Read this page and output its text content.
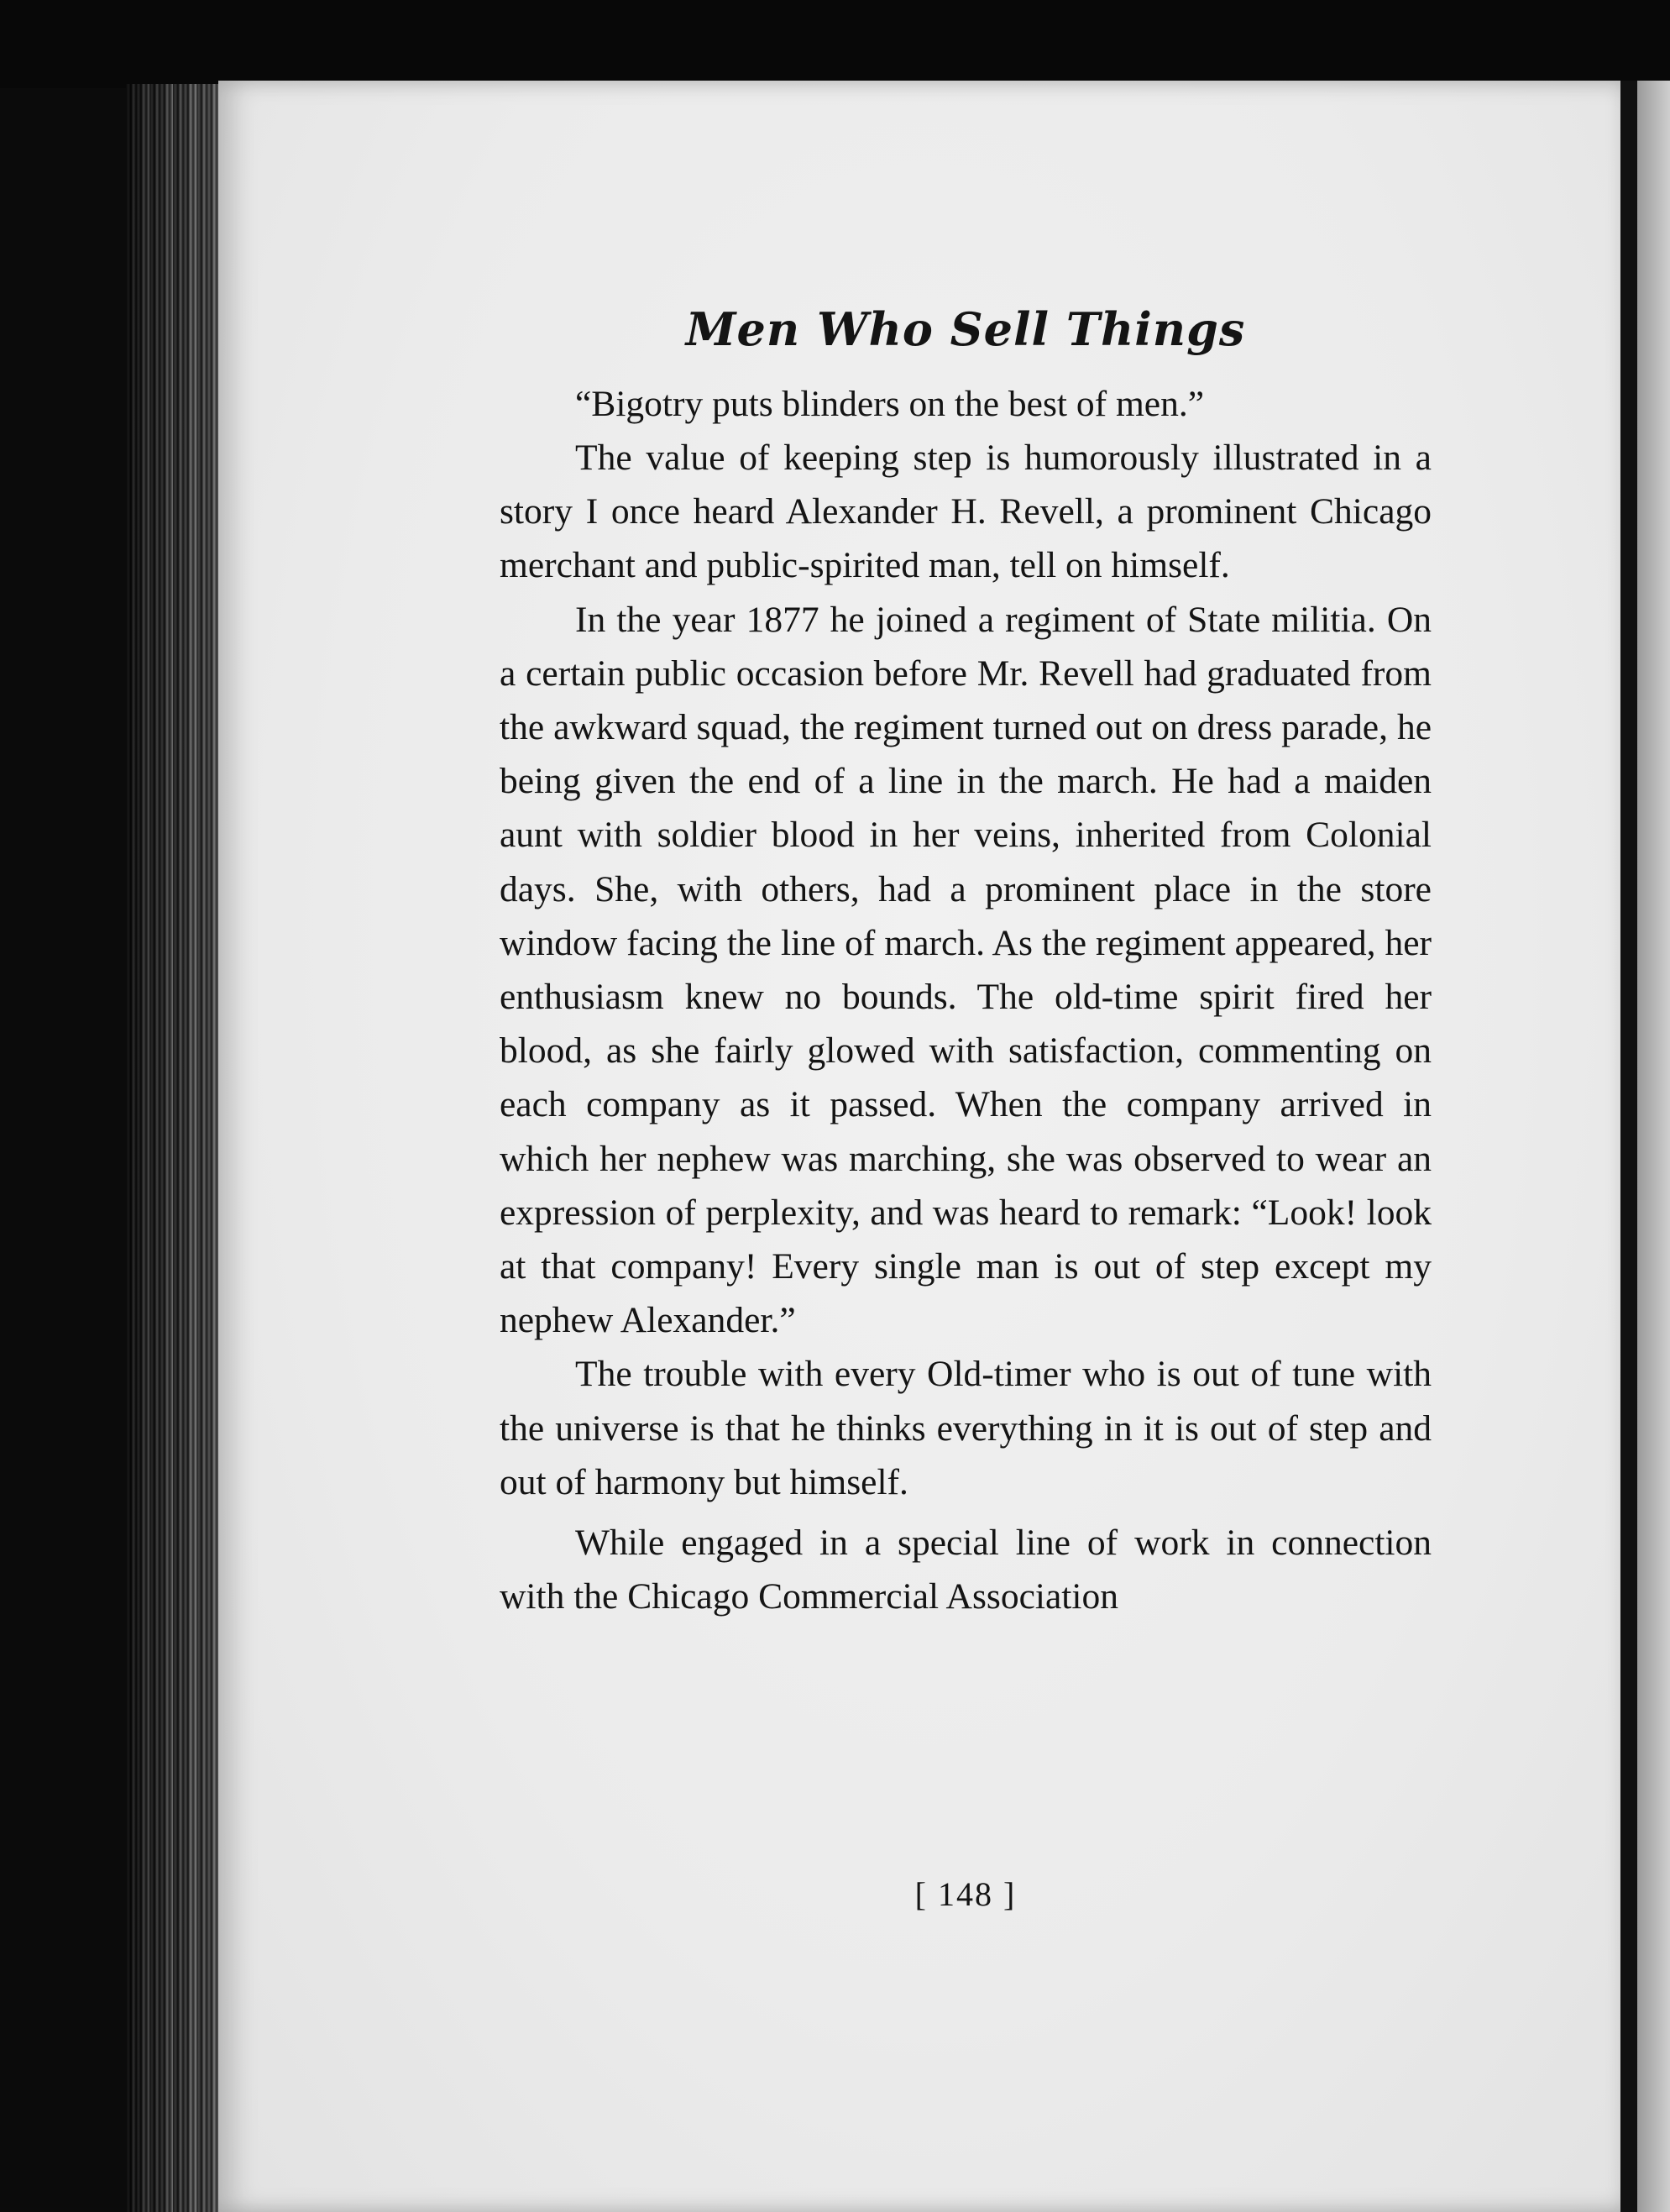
Men Who Sell Things

“Bigotry puts blinders on the best of men.”

The value of keeping step is humorously illustrated in a story I once heard Alexander H. Revell, a prominent Chicago merchant and public-spirited man, tell on himself.

In the year 1877 he joined a regiment of State militia. On a certain public occasion before Mr. Revell had graduated from the awkward squad, the regiment turned out on dress parade, he being given the end of a line in the march. He had a maiden aunt with soldier blood in her veins, inherited from Colonial days. She, with others, had a prominent place in the store window facing the line of march. As the regiment appeared, her enthusiasm knew no bounds. The old-time spirit fired her blood, as she fairly glowed with satisfaction, commenting on each company as it passed. When the company arrived in which her nephew was marching, she was observed to wear an expression of perplexity, and was heard to remark: “Look! look at that company! Every single man is out of step except my nephew Alexander.”

The trouble with every Old-timer who is out of tune with the universe is that he thinks everything in it is out of step and out of harmony but himself.

While engaged in a special line of work in connection with the Chicago Commercial Association

[ 148 ]
